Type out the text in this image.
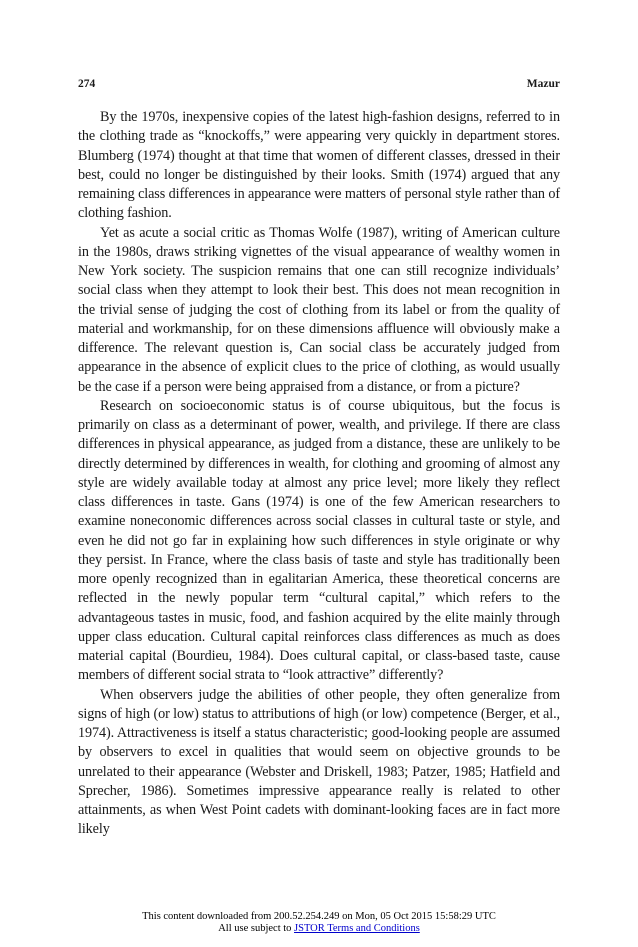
274	Mazur

By the 1970s, inexpensive copies of the latest high-fashion designs, referred to in the clothing trade as “knockoffs,” were appearing very quickly in department stores. Blumberg (1974) thought at that time that women of different classes, dressed in their best, could no longer be distinguished by their looks. Smith (1974) argued that any remaining class differences in appearance were matters of personal style rather than of clothing fashion.

Yet as acute a social critic as Thomas Wolfe (1987), writing of American culture in the 1980s, draws striking vignettes of the visual appearance of wealthy women in New York society. The suspicion remains that one can still recognize individuals’ social class when they attempt to look their best. This does not mean recognition in the trivial sense of judging the cost of clothing from its label or from the quality of material and workmanship, for on these dimensions affluence will obviously make a difference. The relevant question is, Can social class be accurately judged from appearance in the absence of explicit clues to the price of clothing, as would usually be the case if a person were being appraised from a distance, or from a picture?

Research on socioeconomic status is of course ubiquitous, but the focus is primarily on class as a determinant of power, wealth, and privilege. If there are class differences in physical appearance, as judged from a distance, these are unlikely to be directly determined by differences in wealth, for clothing and grooming of almost any style are widely available today at almost any price level; more likely they reflect class differences in taste. Gans (1974) is one of the few American researchers to examine noneconomic differences across social classes in cultural taste or style, and even he did not go far in explaining how such differences in style originate or why they persist. In France, where the class basis of taste and style has traditionally been more openly recognized than in egalitarian America, these theoretical concerns are reflected in the newly popular term “cultural capital,” which refers to the advantageous tastes in music, food, and fashion acquired by the elite mainly through upper class education. Cultural capital reinforces class differences as much as does material capital (Bourdieu, 1984). Does cultural capital, or class-based taste, cause members of different social strata to “look attractive” differently?

When observers judge the abilities of other people, they often generalize from signs of high (or low) status to attributions of high (or low) competence (Berger, et al., 1974). Attractiveness is itself a status characteristic; good-looking people are assumed by observers to excel in qualities that would seem on objective grounds to be unrelated to their appearance (Webster and Driskell, 1983; Patzer, 1985; Hatfield and Sprecher, 1986). Sometimes impressive appearance really is related to other attainments, as when West Point cadets with dominant-looking faces are in fact more likely

This content downloaded from 200.52.254.249 on Mon, 05 Oct 2015 15:58:29 UTC
All use subject to JSTOR Terms and Conditions
